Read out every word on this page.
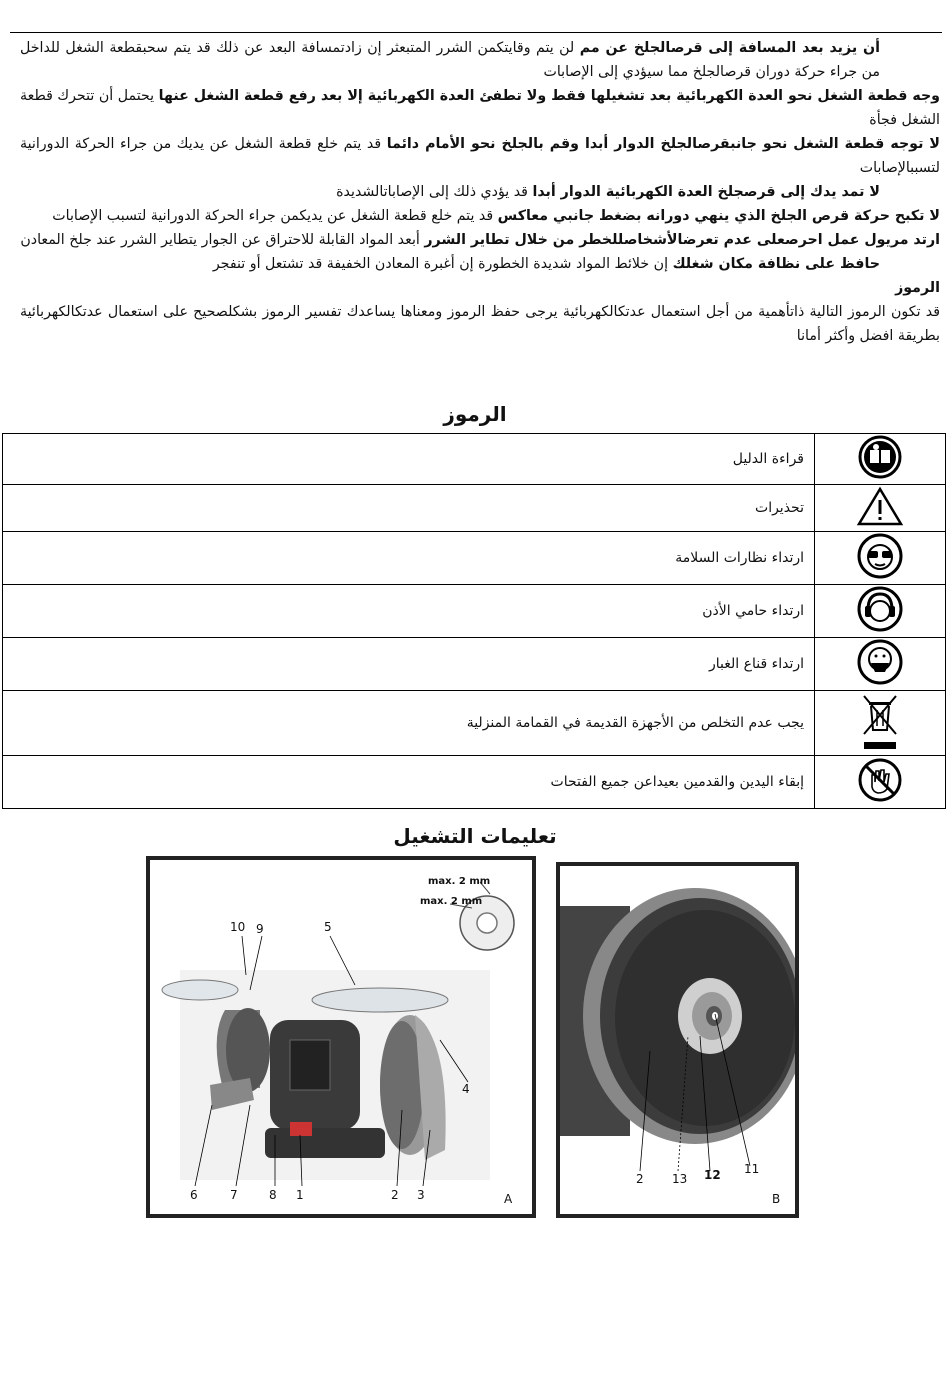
أن يزيد بعد المسافة إلى قرصالجلخ عن مم لن يتم وقايتكمن الشرر المتبعثر إن زادتمسافة البعد عن ذلك قد يتم سحبقطعة الشغل للداخل من جراء حركة دوران قرصالجلخ مما سيؤدي إلى الإصابات

وجه قطعة الشغل نحو العدة الكهربائية بعد تشغيلها فقط ولا تطفئ العدة الكهربائية إلا بعد رفع قطعة الشغل عنها يحتمل أن تتحرك قطعة الشغل فجأة

لا توجه قطعة الشغل نحو جانبقرصالجلخ الدوار أبدا وقم بالجلخ نحو الأمام دائما قد يتم خلع قطعة الشغل عن يديك من جراء الحركة الدورانية لتسببالإصابات

لا تمد يدك إلى قرصجلخ العدة الكهربائية الدوار أبدا قد يؤدي ذلك إلى الإصاباتالشديدة

لا تكبح حركة قرص الجلخ الذي ينهي دورانه بضغط جانبي معاكس قد يتم خلع قطعة الشغل عن يديكمن جراء الحركة الدورانية لتسبب الإصابات

ارتد مريول عمل احرصعلى عدم تعرضالأشخاصللخطر من خلال تطاير الشرر أبعد المواد القابلة للاحتراق عن الجوار يتطاير الشرر عند جلخ المعادن

حافظ على نظافة مكان شغلك إن خلائط المواد شديدة الخطورة إن أغبرة المعادن الخفيفة قد تشتعل أو تنفجر

الرموز

قد تكون الرموز التالية ذاتأهمية من أجل استعمال عدتكالكهربائية يرجى حفظ الرموز ومعناها يساعدك تفسير الرموز بشكلصحيح على استعمال عدتكالكهربائية بطريقة افضل وأكثر أمانا

الرموز
	قراءة الدليل
	تحذيرات
	ارتداء نظارات السلامة
	ارتداء حامي الأذن
	ارتداء قناع الغبار
	يجب عدم التخلص من الأجهزة القديمة في القمامة المنزلية
	إبقاء اليدين والقدمين بعيداعن جميع الفتحات
تعليمات التشغيل
max. 2 mm
max. 2 mm
10 9	5
4
6	7	8 1	2 3	A
2 13 12 11
B
